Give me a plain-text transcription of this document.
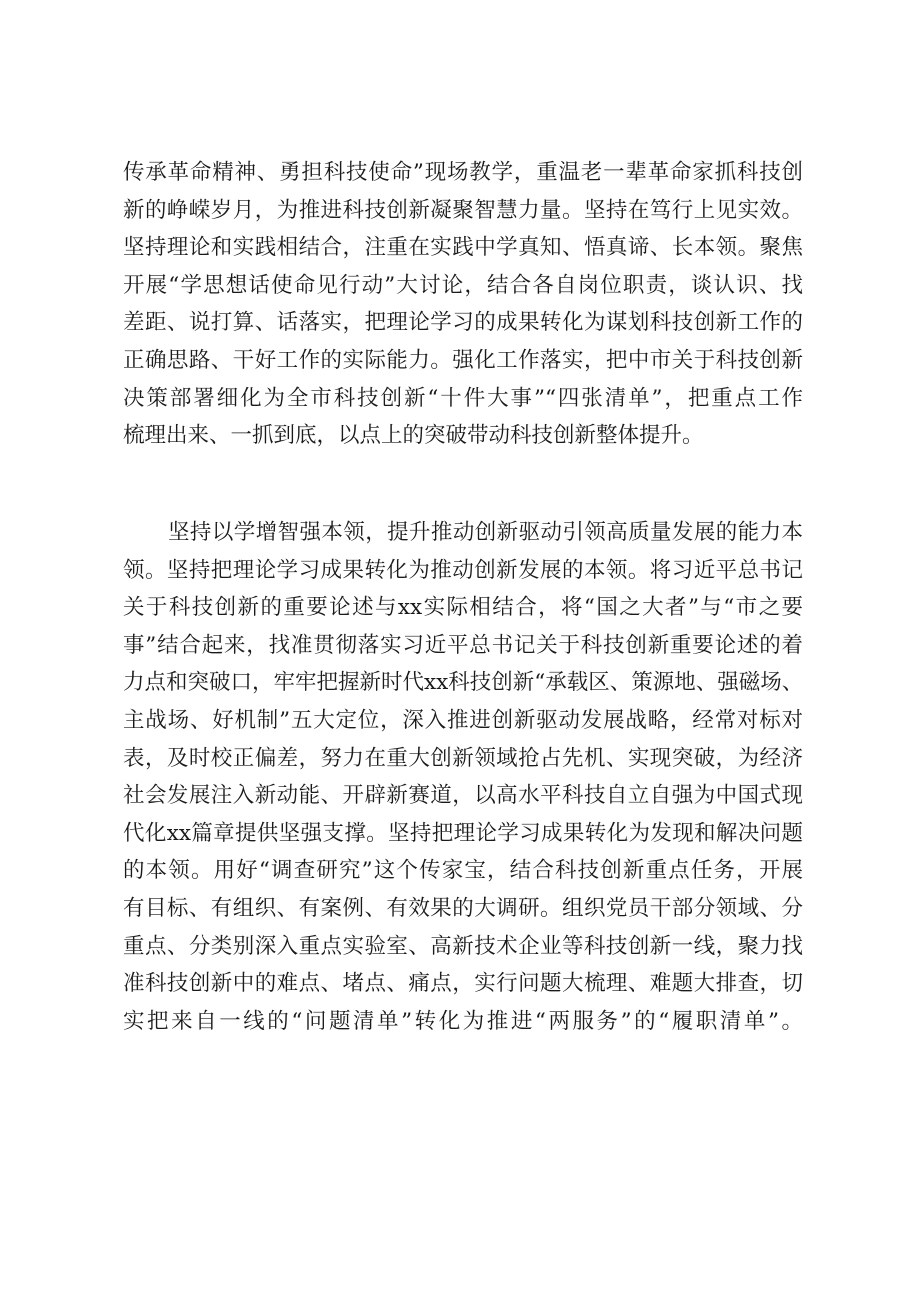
传承革命精神、勇担科技使命”现场教学，重温老一辈革命家抓科技创
新的峥嵘岁月，为推进科技创新凝聚智慧力量。坚持在笃行上见实效。
坚持理论和实践相结合，注重在实践中学真知、悟真谛、长本领。聚焦
开展“学思想话使命见行动”大讨论，结合各自岗位职责，谈认识、找
差距、说打算、话落实，把理论学习的成果转化为谋划科技创新工作的
正确思路、干好工作的实际能力。强化工作落实，把中市关于科技创新
决策部署细化为全市科技创新“十件大事”“四张清单”，把重点工作
梳理出来、一抓到底，以点上的突破带动科技创新整体提升。
坚持以学增智强本领，提升推动创新驱动引领高质量发展的能力本
领。坚持把理论学习成果转化为推动创新发展的本领。将习近平总书记
关于科技创新的重要论述与xx实际相结合，将“国之大者”与“市之要
事”结合起来，找准贯彻落实习近平总书记关于科技创新重要论述的着
力点和突破口，牢牢把握新时代xx科技创新“承载区、策源地、强磁场、
主战场、好机制”五大定位，深入推进创新驱动发展战略，经常对标对
表，及时校正偏差，努力在重大创新领域抢占先机、实现突破，为经济
社会发展注入新动能、开辟新赛道，以高水平科技自立自强为中国式现
代化xx篇章提供坚强支撑。坚持把理论学习成果转化为发现和解决问题
的本领。用好“调查研究”这个传家宝，结合科技创新重点任务，开展
有目标、有组织、有案例、有效果的大调研。组织党员干部分领域、分
重点、分类别深入重点实验室、高新技术企业等科技创新一线，聚力找
准科技创新中的难点、堵点、痛点，实行问题大梳理、难题大排查，切
实把来自一线的“问题清单”转化为推进“两服务”的“履职清单”。
